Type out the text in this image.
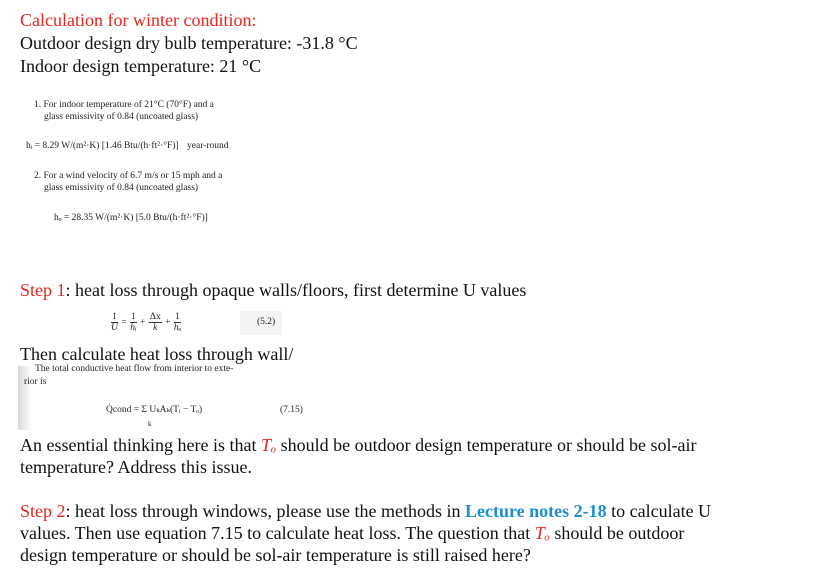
Calculation for winter condition:
Outdoor design dry bulb temperature: -31.8 °C
Indoor design temperature: 21 °C
1. For indoor temperature of 21°C (70°F) and a
glass emissivity of 0.84 (uncoated glass)
hᵢ = 8.29 W/(m²·K) [1.46 Btu/(h·ft²·°F)] year-round
2. For a wind velocity of 6.7 m/s or 15 mph and a
glass emissivity of 0.84 (uncoated glass)
hₒ = 28.35 W/(m²·K) [5.0 Btu/(h·ft²·°F)]
Step 1: heat loss through opaque walls/floors, first determine U values
$\frac{1}{U} = \frac{1}{\text{hᵢ}} + \frac{\Delta x}{k} + \frac{1}{\text{hₒ}}$	(5.2)
Then calculate heat loss through wall/
The total conductive heat flow from interior to exte-
rior is
Q̇cond = Σ UₖAₖ(Tᵢ − Tₒ)
k
(7.15)
An essential thinking here is that Tₒ should be outdoor design temperature or should be sol-air
temperature? Address this issue.
Step 2: heat loss through windows, please use the methods in Lecture notes 2-18 to calculate U
values. Then use equation 7.15 to calculate heat loss. The question that Tₒ should be outdoor
design temperature or should be sol-air temperature is still raised here?
